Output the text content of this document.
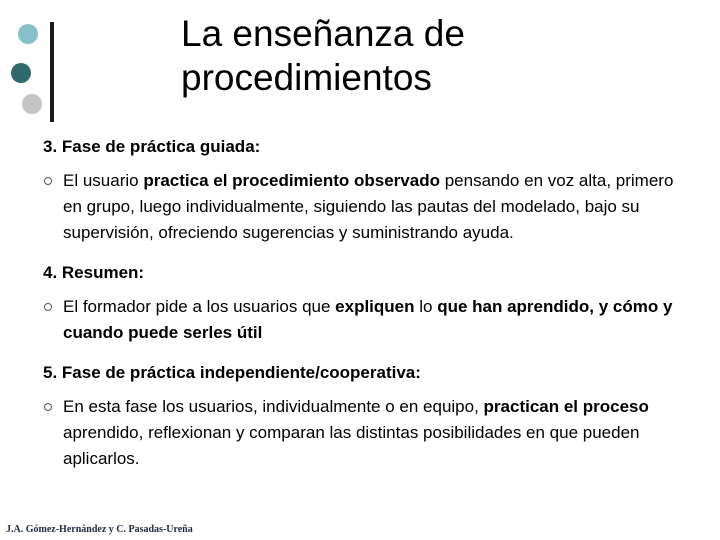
La enseñanza de
procedimientos

3. Fase de práctica guiada:

El usuario practica el procedimiento observado pensando en voz alta, primero en grupo, luego individualmente, siguiendo las pautas del modelado, bajo su supervisión, ofreciendo sugerencias y suministrando ayuda.

4. Resumen:

El formador pide a los usuarios que expliquen lo que han aprendido, y cómo y cuando puede serles útil

5. Fase de práctica independiente/cooperativa:

En esta fase los usuarios, individualmente o en equipo, practican el proceso aprendido, reflexionan y comparan las distintas posibilidades en que pueden aplicarlos.

J.A. Gómez-Hernández y C. Pasadas-Ureña
